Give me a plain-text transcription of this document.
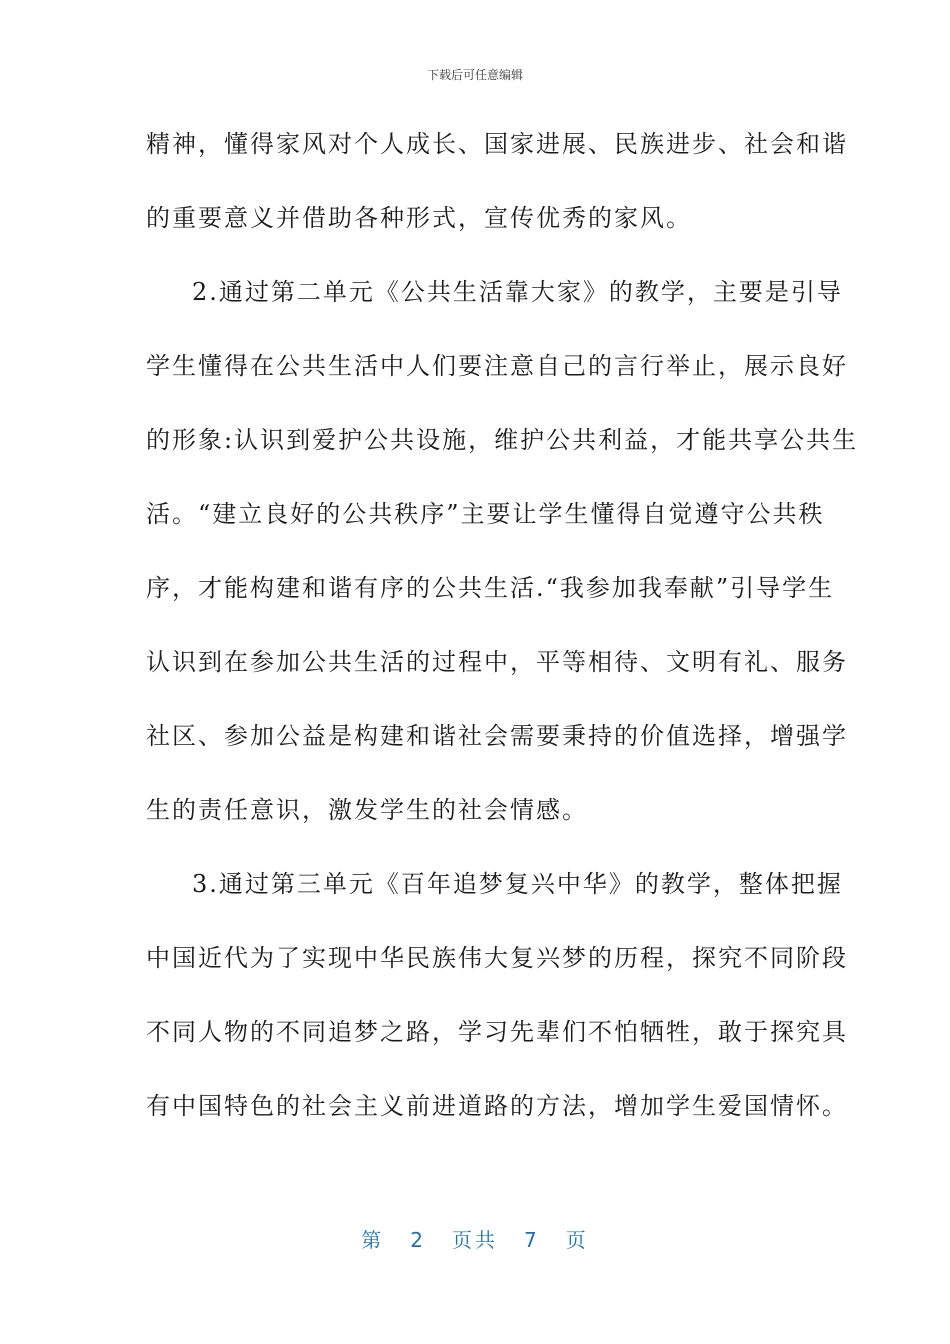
下载后可任意编辑
精神，懂得家风对个人成长、国家进展、民族进步、社会和谐
的重要意义并借助各种形式，宣传优秀的家风。
2.通过第二单元《公共生活靠大家》的教学，主要是引导
学生懂得在公共生活中人们要注意自己的言行举止，展示良好
的形象:认识到爱护公共设施，维护公共利益，才能共享公共生
活。“建立良好的公共秩序”主要让学生懂得自觉遵守公共秩
序，才能构建和谐有序的公共生活.“我参加我奉献”引导学生
认识到在参加公共生活的过程中，平等相待、文明有礼、服务
社区、参加公益是构建和谐社会需要秉持的价值选择，增强学
生的责任意识，激发学生的社会情感。
3.通过第三单元《百年追梦复兴中华》的教学，整体把握
中国近代为了实现中华民族伟大复兴梦的历程，探究不同阶段
不同人物的不同追梦之路，学习先辈们不怕牺牲，敢于探究具
有中国特色的社会主义前进道路的方法，增加学生爱国情怀。
第 2 页共 7 页
